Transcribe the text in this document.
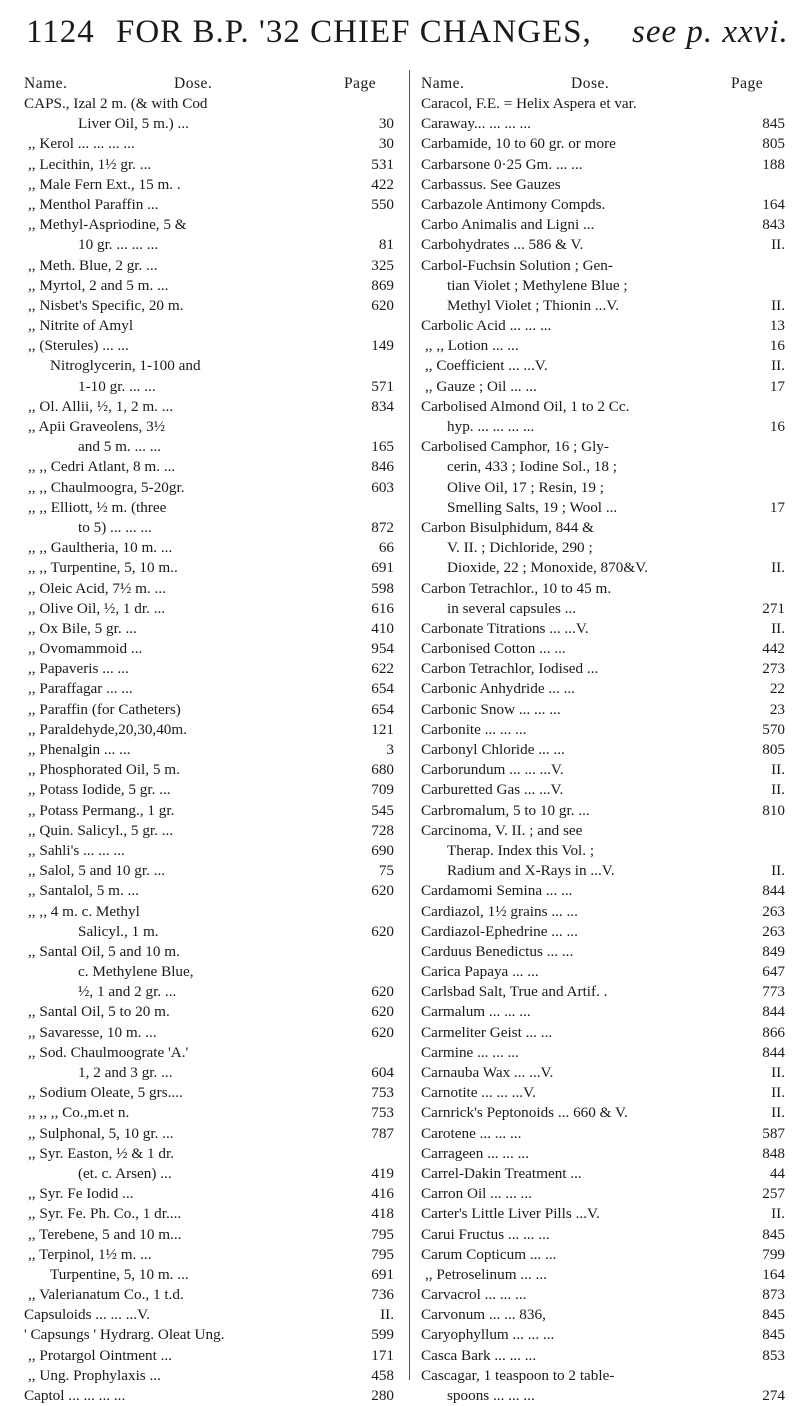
1124 FOR B.P. '32 CHIEF CHANGES, see p. xxvi.
Name.	Dose.	Page
CAPS., Izal 2 m. (& with Cod
Liver Oil, 5 m.) ...	30
,, Kerol ... ... ... ...	30
,, Lecithin, 1½ gr. ...	531
,, Male Fern Ext., 15 m. .	422
,, Menthol Paraffin ...	550
,, Methyl-Aspriodine, 5 &
10 gr. ... ... ...	81
,, Meth. Blue, 2 gr. ...	325
,, Myrtol, 2 and 5 m. ...	869
,, Nisbet's Specific, 20 m.	620
,, Nitrite of Amyl
,, (Sterules) ... ...	149
Nitroglycerin, 1-100 and
1-10 gr. ... ...	571
,, Ol. Allii, ½, 1, 2 m. ...	834
,, Apii Graveolens, 3½
and 5 m. ... ...	165
,, ,, Cedri Atlant, 8 m. ...	846
,, ,, Chaulmoogra, 5-20gr.	603
,, ,, Elliott, ½ m. (three
to 5) ... ... ...	872
,, ,, Gaultheria, 10 m. ...	66
,, ,, Turpentine, 5, 10 m..	691
,, Oleic Acid, 7½ m. ...	598
,, Olive Oil, ½, 1 dr. ...	616
,, Ox Bile, 5 gr. ...	410
,, Ovomammoid ...	954
,, Papaveris ... ...	622
,, Paraffagar ... ...	654
,, Paraffin (for Catheters)	654
,, Paraldehyde,20,30,40m.	121
,, Phenalgin ... ...	3
,, Phosphorated Oil, 5 m.	680
,, Potass Iodide, 5 gr. ...	709
,, Potass Permang., 1 gr.	545
,, Quin. Salicyl., 5 gr. ...	728
,, Sahli's ... ... ...	690
,, Salol, 5 and 10 gr. ...	75
,, Santalol, 5 m. ...	620
,, ,, 4 m. c. Methyl
Salicyl., 1 m.	620
,, Santal Oil, 5 and 10 m.
c. Methylene Blue,
½, 1 and 2 gr. ...	620
,, Santal Oil, 5 to 20 m.	620
,, Savaresse, 10 m. ...	620
,, Sod. Chaulmoograte 'A.'
1, 2 and 3 gr. ...	604
,, Sodium Oleate, 5 grs....	753
,, ,, ,, Co.,m.et n.	753
,, Sulphonal, 5, 10 gr. ...	787
,, Syr. Easton, ½ & 1 dr.
(et. c. Arsen) ...	419
,, Syr. Fe Iodid ...	416
,, Syr. Fe. Ph. Co., 1 dr....	418
,, Terebene, 5 and 10 m...	795
,, Terpinol, 1½ m. ...	795
Turpentine, 5, 10 m. ...	691
,, Valerianatum Co., 1 t.d.	736
Capsuloids ... ... ...V.	II.
' Capsungs ' Hydrarg. Oleat Ung.	599
,, Protargol Ointment ...	171
,, Ung. Prophylaxis ...	458
Captol ... ... ... ...	280
Name.	Dose.	Page
Caracol, F.E. = Helix Aspera et var.
Caraway... ... ... ...	845
Carbamide, 10 to 60 gr. or more	805
Carbarsone 0·25 Gm. ... ...	188
Carbassus. See Gauzes
Carbazole Antimony Compds.	164
Carbo Animalis and Ligni ...	843
Carbohydrates ... 586 & V.	II.
Carbol-Fuchsin Solution ; Gen-
tian Violet ; Methylene Blue ;
Methyl Violet ; Thionin ...V.	II.
Carbolic Acid ... ... ...	13
,, ,, Lotion ... ...	16
,, Coefficient ... ...V.	II.
,, Gauze ; Oil ... ...	17
Carbolised Almond Oil, 1 to 2 Cc.
hyp. ... ... ... ...	16
Carbolised Camphor, 16 ; Gly-
cerin, 433 ; Iodine Sol., 18 ;
Olive Oil, 17 ; Resin, 19 ;
Smelling Salts, 19 ; Wool ...	17
Carbon Bisulphidum, 844 &
V. II. ; Dichloride, 290 ;
Dioxide, 22 ; Monoxide, 870&V.	II.
Carbon Tetrachlor., 10 to 45 m.
in several capsules ...	271
Carbonate Titrations ... ...V.	II.
Carbonised Cotton ... ...	442
Carbon Tetrachlor, Iodised ...	273
Carbonic Anhydride ... ...	22
Carbonic Snow ... ... ...	23
Carbonite ... ... ...	570
Carbonyl Chloride ... ...	805
Carborundum ... ... ...V.	II.
Carburetted Gas ... ...V.	II.
Carbromalum, 5 to 10 gr. ...	810
Carcinoma, V. II. ; and see
Therap. Index this Vol. ;
Radium and X-Rays in ...V.	II.
Cardamomi Semina ... ...	844
Cardiazol, 1½ grains ... ...	263
Cardiazol-Ephedrine ... ...	263
Carduus Benedictus ... ...	849
Carica Papaya ... ...	647
Carlsbad Salt, True and Artif. .	773
Carmalum ... ... ...	844
Carmeliter Geist ... ...	866
Carmine ... ... ...	844
Carnauba Wax ... ...V.	II.
Carnotite ... ... ...V.	II.
Carnrick's Peptonoids ... 660 & V.	II.
Carotene ... ... ...	587
Carrageen ... ... ...	848
Carrel-Dakin Treatment ...	44
Carron Oil ... ... ...	257
Carter's Little Liver Pills ...V.	II.
Carui Fructus ... ... ...	845
Carum Copticum ... ...	799
,, Petroselinum ... ...	164
Carvacrol ... ... ...	873
Carvonum ... ... 836,	845
Caryophyllum ... ... ...	845
Casca Bark ... ... ...	853
Cascagar, 1 teaspoon to 2 table-
spoons ... ... ...	274
